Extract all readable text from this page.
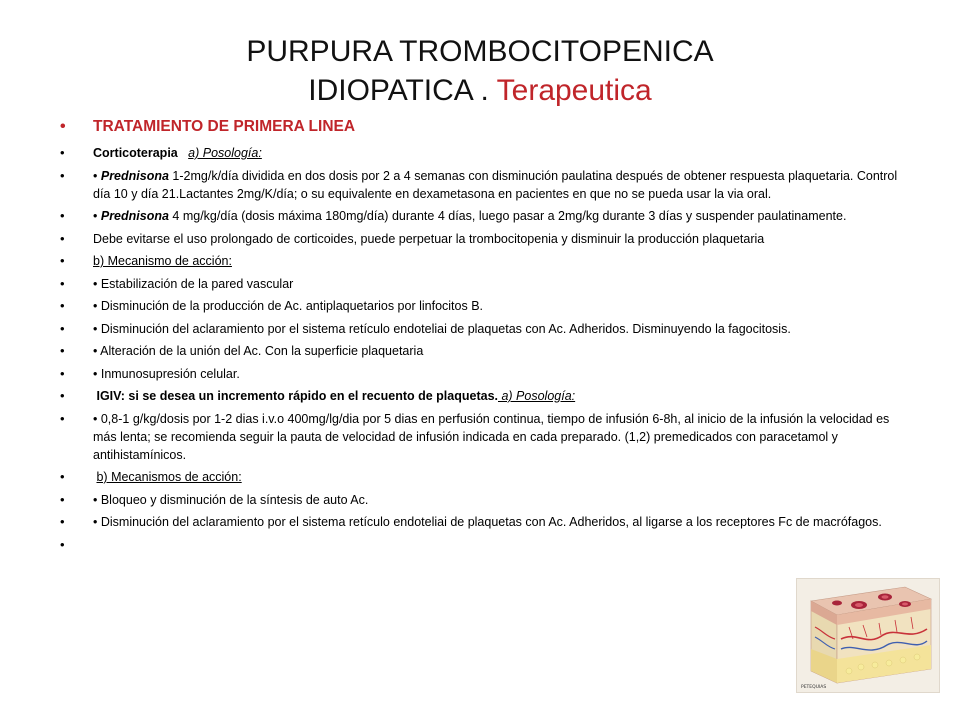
PURPURA TROMBOCITOPENICA
IDIOPATICA . Terapeutica
• TRATAMIENTO DE PRIMERA LINEA
• Corticoterapia a) Posología:
• • Prednisona 1-2mg/k/día dividida en dos dosis por 2 a 4 semanas con disminución paulatina después de obtener respuesta plaquetaria. Control día 10 y día 21.Lactantes 2mg/K/día; o su equivalente en dexametasona en pacientes en que no se pueda usar la via oral.
• • Prednisona 4 mg/kg/día (dosis máxima 180mg/día) durante 4 días, luego pasar a 2mg/kg durante 3 días y suspender paulatinamente.
• Debe evitarse el uso prolongado de corticoides, puede perpetuar la trombocitopenia y disminuir la producción plaquetaria
• b) Mecanismo de acción:
• • Estabilización de la pared vascular
• • Disminución de la producción de Ac. antiplaquetarios por linfocitos B.
• • Disminución del aclaramiento por el sistema retículo endoteliai de plaquetas con Ac. Adheridos. Disminuyendo la fagocitosis.
• • Alteración de la unión del Ac. Con la superficie plaquetaria
• • Inmunosupresión celular.
• IGIV: si se desea un incremento rápido en el recuento de plaquetas. a) Posología:
• • 0,8-1 g/kg/dosis por 1-2 dias i.v.o 400mg/lg/dia por 5 dias en perfusión continua, tiempo de infusión 6-8h, al inicio de la infusión la velocidad es más lenta; se recomienda seguir la pauta de velocidad de infusión indicada en cada preparado. (1,2) premedicados con paracetamol y antihistamínicos.
• b) Mecanismos de acción:
• • Bloqueo y disminución de la síntesis de auto Ac.
• • Disminución del aclaramiento por el sistema retículo endoteliai de plaquetas con Ac. Adheridos, al ligarse a los receptores Fc de macrófagos.
•
PETEQUIAS
